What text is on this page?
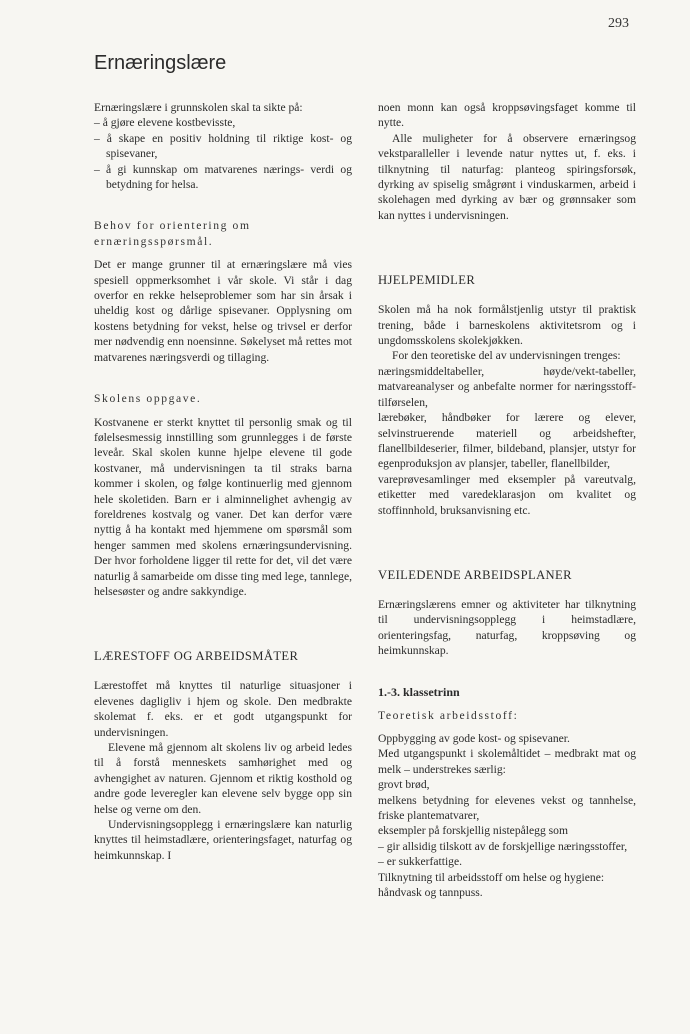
293
Ernæringslære

Ernæringslære i grunnskolen skal ta sikte på:

– å gjøre elevene kostbevisste,

– å skape en positiv holdning til riktige kost- og spisevaner,

– å gi kunnskap om matvarenes nærings- verdi og betydning for helsa.

Behov for orientering om ernæringsspørsmål.

Det er mange grunner til at ernæringslære må vies spesiell oppmerksomhet i vår skole. Vi står i dag overfor en rekke helseproblemer som har sin årsak i uheldig kost og dårlige spisevaner. Opplysning om kostens betydning for vekst, helse og trivsel er derfor mer nødvendig enn noensinne. Søkelyset må rettes mot matvarenes næringsverdi og tillaging.

Skolens oppgave.

Kostvanene er sterkt knyttet til personlig smak og til følelsesmessig innstilling som grunnlegges i de første leveår. Skal skolen kunne hjelpe elevene til gode kostvaner, må undervisningen ta til straks barna kommer i skolen, og følge kontinuerlig med gjennom hele skoletiden. Barn er i alminnelighet avhengig av foreldrenes kostvalg og vaner. Det kan derfor være nyttig å ha kontakt med hjemmene om spørsmål som henger sammen med skolens ernæringsundervisning. Der hvor forholdene ligger til rette for det, vil det være naturlig å samarbeide om disse ting med lege, tannlege, helsesøster og andre sakkyndige.

LÆRESTOFF OG ARBEIDSMÅTER

Lærestoffet må knyttes til naturlige situasjoner i elevenes dagligliv i hjem og skole. Den medbrakte skolemat f. eks. er et godt utgangspunkt for undervisningen.

Elevene må gjennom alt skolens liv og arbeid ledes til å forstå menneskets samhørighet med og avhengighet av naturen. Gjennom et riktig kosthold og andre gode leveregler kan elevene selv bygge opp sin helse og verne om den.

Undervisningsopplegg i ernæringslære kan naturlig knyttes til heimstadlære, orienteringsfaget, naturfag og heimkunnskap. I

noen monn kan også kroppsøvingsfaget komme til nytte.

Alle muligheter for å observere ernæringsog vekstparalleller i levende natur nyttes ut, f. eks. i tilknytning til naturfag: planteog spiringsforsøk, dyrking av spiselig smågrønt i vinduskarmen, arbeid i skolehagen med dyrking av bær og grønnsaker som kan nyttes i undervisningen.

HJELPEMIDLER

Skolen må ha nok formålstjenlig utstyr til praktisk trening, både i barneskolens aktivitetsrom og i ungdomsskolens skolekjøkken.

For den teoretiske del av undervisningen trenges:

næringsmiddeltabeller, høyde/vekt-tabeller, matvareanalyser og anbefalte normer for næringsstoff-tilførselen,

lærebøker, håndbøker for lærere og elever, selvinstruerende materiell og arbeidshefter, flanellbildeserier, filmer, bildeband, plansjer, utstyr for egenproduksjon av plansjer, tabeller, flanellbilder,

vareprøvesamlinger med eksempler på vareutvalg, etiketter med varedeklarasjon om kvalitet og stoffinnhold, bruksanvisning etc.

VEILEDENDE ARBEIDSPLANER

Ernæringslærens emner og aktiviteter har tilknytning til undervisningsopplegg i heimstadlære, orienteringsfag, naturfag, kroppsøving og heimkunnskap.

1.-3. klassetrinn

Teoretisk arbeidsstoff:

Oppbygging av gode kost- og spisevaner.

Med utgangspunkt i skolemåltidet – medbrakt mat og melk – understrekes særlig:

grovt brød,

melkens betydning for elevenes vekst og tannhelse, friske plantematvarer,

eksempler på forskjellig nistepålegg som

– gir allsidig tilskott av de forskjellige næringsstoffer,

– er sukkerfattige.

Tilknytning til arbeidsstoff om helse og hygiene:

håndvask og tannpuss.
